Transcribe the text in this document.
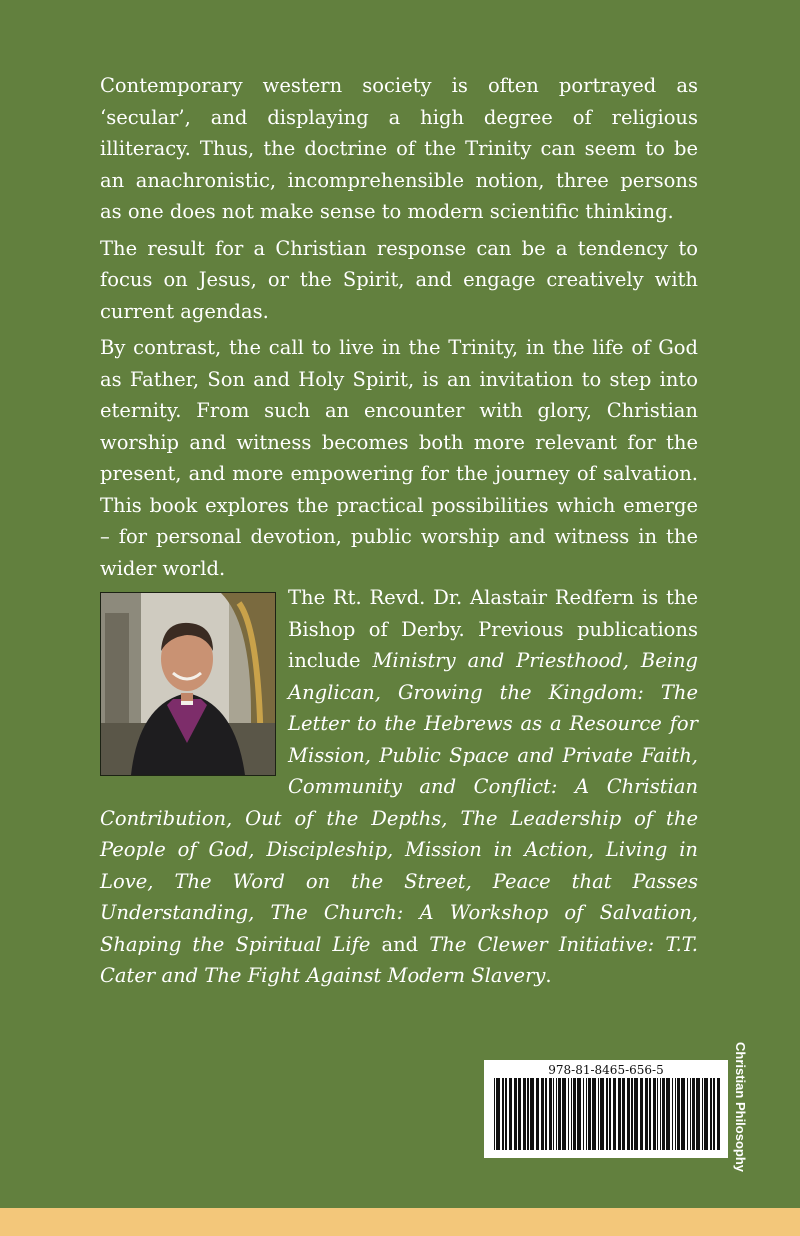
Contemporary western society is often portrayed as ‘secular’, and displaying a high degree of religious illiteracy. Thus, the doctrine of the Trinity can seem to be an anachronistic, incomprehensible notion, three persons as one does not make sense to modern scientific thinking.

The result for a Christian response can be a tendency to focus on Jesus, or the Spirit, and engage creatively with current agendas.

By contrast, the call to live in the Trinity, in the life of God as Father, Son and Holy Spirit, is an invitation to step into eternity. From such an encounter with glory, Christian worship and witness becomes both more relevant for the present, and more empowering for the journey of salvation. This book explores the practical possibilities which emerge – for personal devotion, public worship and witness in the wider world.

The Rt. Revd. Dr. Alastair Redfern is the Bishop of Derby. Previous publications include Ministry and Priesthood, Being Anglican, Growing the Kingdom: The Letter to the Hebrews as a Resource for Mission, Public Space and Private Faith, Community and Conflict: A Christian Contribution, Out of the Depths, The Leadership of the People of God, Discipleship, Mission in Action, Living in Love, The Word on the Street, Peace that Passes Understanding, The Church: A Workshop of Salvation, Shaping the Spiritual Life and The Clewer Initiative: T.T. Cater and The Fight Against Modern Slavery.
978-81-8465-656-5	Christian Philosophy
